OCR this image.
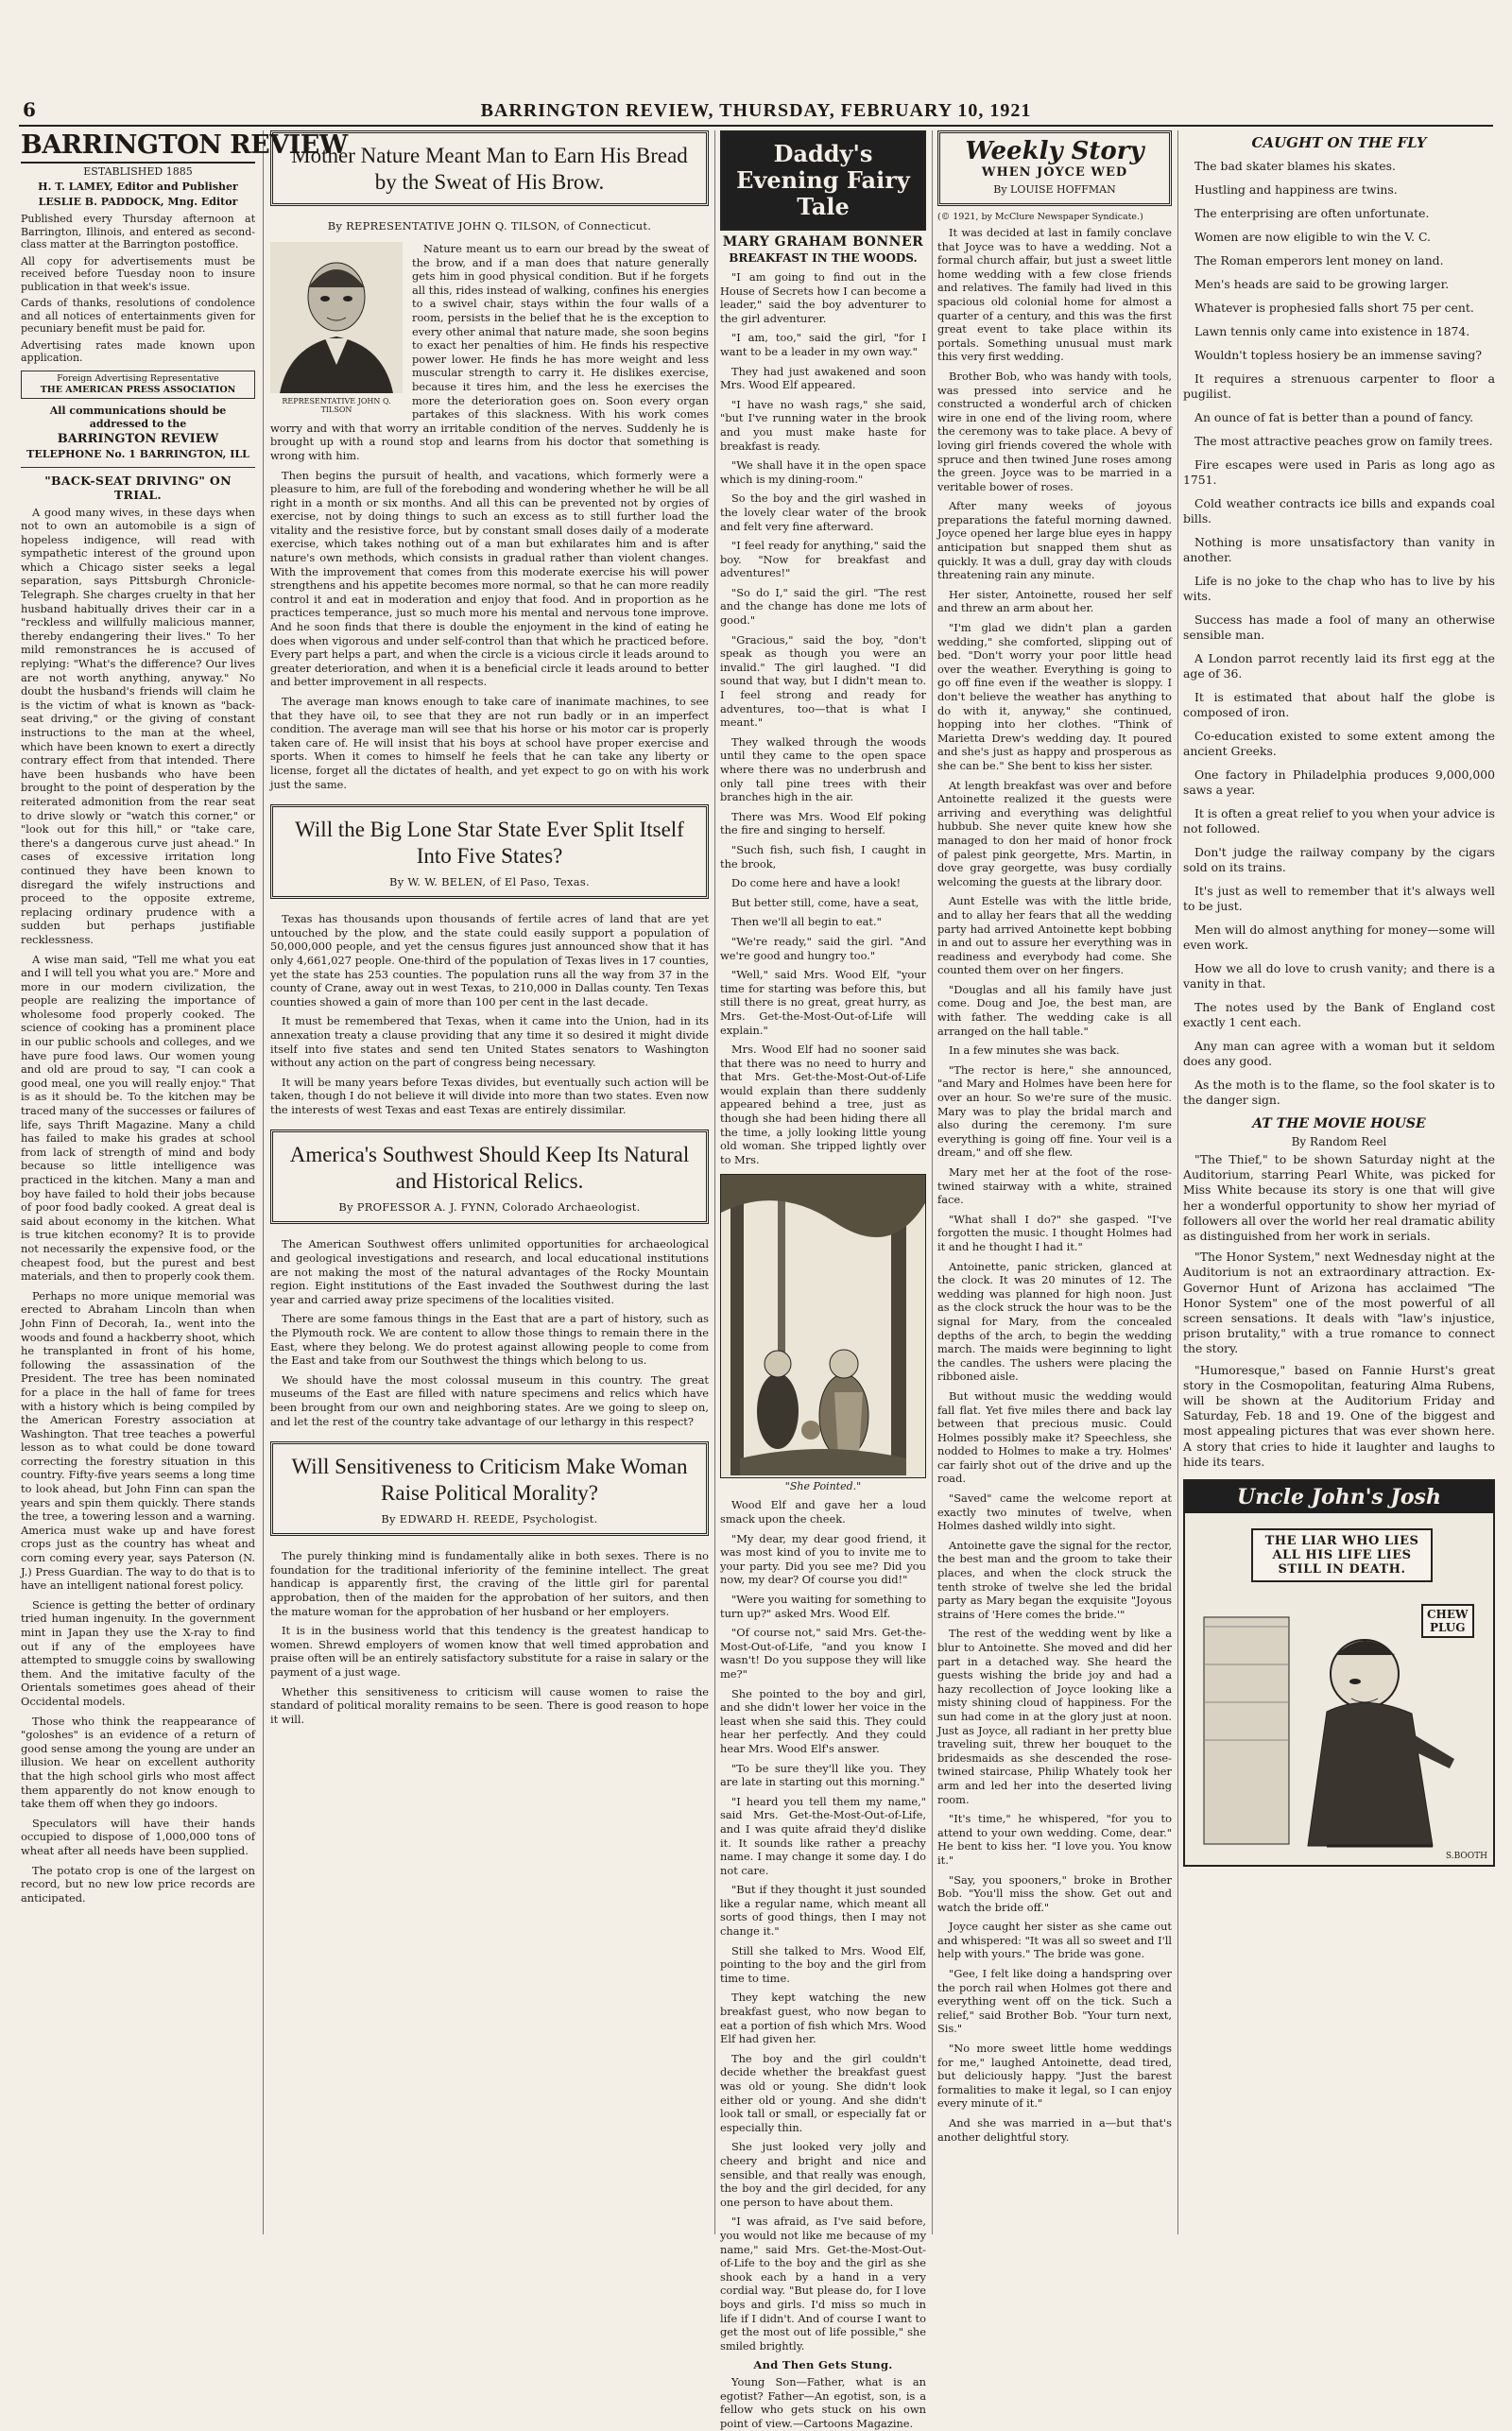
6	BARRINGTON REVIEW, THURSDAY, FEBRUARY 10, 1921
BARRINGTON REVIEW
ESTABLISHED 1885
H. T. LAMEY, Editor and Publisher
LESLIE B. PADDOCK, Mng. Editor
Published every Thursday afternoon at Barrington, Illinois, and entered as second-class matter at the Barrington postoffice.
All copy for advertisements must be received before Tuesday noon to insure publication in that week's issue.
Cards of thanks, resolutions of condolence and all notices of entertainments given for pecuniary benefit must be paid for.
Advertising rates made known upon application.
Foreign Advertising Representative
THE AMERICAN PRESS ASSOCIATION
All communications should be addressed to the
BARRINGTON REVIEW
TELEPHONE No. 1 BARRINGTON, ILL
"BACK-SEAT DRIVING" ON TRIAL.

A good many wives, in these days when not to own an automobile is a sign of hopeless indigence, will read with sympathetic interest of the ground upon which a Chicago sister seeks a legal separation, says Pittsburgh Chronicle-Telegraph. She charges cruelty in that her husband habitually drives their car in a "reckless and willfully malicious manner, thereby endangering their lives." To her mild remonstrances he is accused of replying: "What's the difference? Our lives are not worth anything, anyway." No doubt the husband's friends will claim he is the victim of what is known as "back-seat driving," or the giving of constant instructions to the man at the wheel, which have been known to exert a directly contrary effect from that intended. There have been husbands who have been brought to the point of desperation by the reiterated admonition from the rear seat to drive slowly or "watch this corner," or "look out for this hill," or "take care, there's a dangerous curve just ahead." In cases of excessive irritation long continued they have been known to disregard the wifely instructions and proceed to the opposite extreme, replacing ordinary prudence with a sudden but perhaps justifiable recklessness.

A wise man said, "Tell me what you eat and I will tell you what you are." More and more in our modern civilization, the people are realizing the importance of wholesome food properly cooked. The science of cooking has a prominent place in our public schools and colleges, and we have pure food laws. Our women young and old are proud to say, "I can cook a good meal, one you will really enjoy." That is as it should be. To the kitchen may be traced many of the successes or failures of life, says Thrift Magazine. Many a child has failed to make his grades at school from lack of strength of mind and body because so little intelligence was practiced in the kitchen. Many a man and boy have failed to hold their jobs because of poor food badly cooked. A great deal is said about economy in the kitchen. What is true kitchen economy? It is to provide not necessarily the expensive food, or the cheapest food, but the purest and best materials, and then to properly cook them.

Perhaps no more unique memorial was erected to Abraham Lincoln than when John Finn of Decorah, Ia., went into the woods and found a hackberry shoot, which he transplanted in front of his home, following the assassination of the President. The tree has been nominated for a place in the hall of fame for trees with a history which is being compiled by the American Forestry association at Washington. That tree teaches a powerful lesson as to what could be done toward correcting the forestry situation in this country. Fifty-five years seems a long time to look ahead, but John Finn can span the years and spin them quickly. There stands the tree, a towering lesson and a warning. America must wake up and have forest crops just as the country has wheat and corn coming every year, says Paterson (N. J.) Press Guardian. The way to do that is to have an intelligent national forest policy.

Science is getting the better of ordinary tried human ingenuity. In the government mint in Japan they use the X-ray to find out if any of the employees have attempted to smuggle coins by swallowing them. And the imitative faculty of the Orientals sometimes goes ahead of their Occidental models.

Those who think the reappearance of "goloshes" is an evidence of a return of good sense among the young are under an illusion. We hear on excellent authority that the high school girls who most affect them apparently do not know enough to take them off when they go indoors.

Speculators will have their hands occupied to dispose of 1,000,000 tons of wheat after all needs have been supplied.

The potato crop is one of the largest on record, but no new low price records are anticipated.

Mother Nature Meant Man to Earn His Bread by the Sweat of His Brow.
By REPRESENTATIVE JOHN Q. TILSON, of Connecticut.
REPRESENTATIVE JOHN Q. TILSON

Nature meant us to earn our bread by the sweat of the brow, and if a man does that nature generally gets him in good physical condition. But if he forgets all this, rides instead of walking, confines his energies to a swivel chair, stays within the four walls of a room, persists in the belief that he is the exception to every other animal that nature made, she soon begins to exact her penalties of him. He finds his respective power lower. He finds he has more weight and less muscular strength to carry it. He dislikes exercise, because it tires him, and the less he exercises the more the deterioration goes on. Soon every organ partakes of this slackness. With his work comes worry and with that worry an irritable condition of the nerves. Suddenly he is brought up with a round stop and learns from his doctor that something is wrong with him.

Then begins the pursuit of health, and vacations, which formerly were a pleasure to him, are full of the foreboding and wondering whether he will be all right in a month or six months. And all this can be prevented not by orgies of exercise, not by doing things to such an excess as to still further load the vitality and the resistive force, but by constant small doses daily of a moderate exercise, which takes nothing out of a man but exhilarates him and is after nature's own methods, which consists in gradual rather than violent changes. With the improvement that comes from this moderate exercise his will power strengthens and his appetite becomes more normal, so that he can more readily control it and eat in moderation and enjoy that food. And in proportion as he practices temperance, just so much more his mental and nervous tone improve. And he soon finds that there is double the enjoyment in the kind of eating he does when vigorous and under self-control than that which he practiced before. Every part helps a part, and when the circle is a vicious circle it leads around to greater deterioration, and when it is a beneficial circle it leads around to better and better improvement in all respects.

The average man knows enough to take care of inanimate machines, to see that they have oil, to see that they are not run badly or in an imperfect condition. The average man will see that his horse or his motor car is properly taken care of. He will insist that his boys at school have proper exercise and sports. When it comes to himself he feels that he can take any liberty or license, forget all the dictates of health, and yet expect to go on with his work just the same.

Will the Big Lone Star State Ever Split Itself Into Five States?
By W. W. BELEN, of El Paso, Texas.

Texas has thousands upon thousands of fertile acres of land that are yet untouched by the plow, and the state could easily support a population of 50,000,000 people, and yet the census figures just announced show that it has only 4,661,027 people. One-third of the population of Texas lives in 17 counties, yet the state has 253 counties. The population runs all the way from 37 in the county of Crane, away out in west Texas, to 210,000 in Dallas county. Ten Texas counties showed a gain of more than 100 per cent in the last decade.

It must be remembered that Texas, when it came into the Union, had in its annexation treaty a clause providing that any time it so desired it might divide itself into five states and send ten United States senators to Washington without any action on the part of congress being necessary.

It will be many years before Texas divides, but eventually such action will be taken, though I do not believe it will divide into more than two states. Even now the interests of west Texas and east Texas are entirely dissimilar.

America's Southwest Should Keep Its Natural and Historical Relics.
By PROFESSOR A. J. FYNN, Colorado Archaeologist.

The American Southwest offers unlimited opportunities for archaeological and geological investigations and research, and local educational institutions are not making the most of the natural advantages of the Rocky Mountain region. Eight institutions of the East invaded the Southwest during the last year and carried away prize specimens of the localities visited.

There are some famous things in the East that are a part of history, such as the Plymouth rock. We are content to allow those things to remain there in the East, where they belong. We do protest against allowing people to come from the East and take from our Southwest the things which belong to us.

We should have the most colossal museum in this country. The great museums of the East are filled with nature specimens and relics which have been brought from our own and neighboring states. Are we going to sleep on, and let the rest of the country take advantage of our lethargy in this respect?

Will Sensitiveness to Criticism Make Woman Raise Political Morality?
By EDWARD H. REEDE, Psychologist.

The purely thinking mind is fundamentally alike in both sexes. There is no foundation for the traditional inferiority of the feminine intellect. The great handicap is apparently first, the craving of the little girl for parental approbation, then of the maiden for the approbation of her suitors, and then the mature woman for the approbation of her husband or her employers.

It is in the business world that this tendency is the greatest handicap to women. Shrewd employers of women know that well timed approbation and praise often will be an entirely satisfactory substitute for a raise in salary or the payment of a just wage.

Whether this sensitiveness to criticism will cause women to raise the standard of political morality remains to be seen. There is good reason to hope it will.

Daddy's Evening Fairy Tale
MARY GRAHAM BONNER
BREAKFAST IN THE WOODS.

"I am going to find out in the House of Secrets how I can become a leader," said the boy adventurer to the girl adventurer.

"I am, too," said the girl, "for I want to be a leader in my own way."

They had just awakened and soon Mrs. Wood Elf appeared.

"I have no wash rags," she said, "but I've running water in the brook and you must make haste for breakfast is ready.

"We shall have it in the open space which is my dining-room."

So the boy and the girl washed in the lovely clear water of the brook and felt very fine afterward.

"I feel ready for anything," said the boy. "Now for breakfast and adventures!"

"So do I," said the girl. "The rest and the change has done me lots of good."

"Gracious," said the boy, "don't speak as though you were an invalid." The girl laughed. "I did sound that way, but I didn't mean to. I feel strong and ready for adventures, too—that is what I meant."

They walked through the woods until they came to the open space where there was no underbrush and only tall pine trees with their branches high in the air.

There was Mrs. Wood Elf poking the fire and singing to herself.

"Such fish, such fish, I caught in the brook,

Do come here and have a look!

But better still, come, have a seat,

Then we'll all begin to eat."

"We're ready," said the girl. "And we're good and hungry too."

"Well," said Mrs. Wood Elf, "your time for starting was before this, but still there is no great, great hurry, as Mrs. Get-the-Most-Out-of-Life will explain."

Mrs. Wood Elf had no sooner said that there was no need to hurry and that Mrs. Get-the-Most-Out-of-Life would explain than there suddenly appeared behind a tree, just as though she had been hiding there all the time, a jolly looking little young old woman. She tripped lightly over to Mrs.

"She Pointed."

Wood Elf and gave her a loud smack upon the cheek.

"My dear, my dear good friend, it was most kind of you to invite me to your party. Did you see me? Did you now, my dear? Of course you did!"

"Were you waiting for something to turn up?" asked Mrs. Wood Elf.

"Of course not," said Mrs. Get-the-Most-Out-of-Life, "and you know I wasn't! Do you suppose they will like me?"

She pointed to the boy and girl, and she didn't lower her voice in the least when she said this. They could hear her perfectly. And they could hear Mrs. Wood Elf's answer.

"To be sure they'll like you. They are late in starting out this morning."

"I heard you tell them my name," said Mrs. Get-the-Most-Out-of-Life, and I was quite afraid they'd dislike it. It sounds like rather a preachy name. I may change it some day. I do not care.

"But if they thought it just sounded like a regular name, which meant all sorts of good things, then I may not change it."

Still she talked to Mrs. Wood Elf, pointing to the boy and the girl from time to time.

They kept watching the new breakfast guest, who now began to eat a portion of fish which Mrs. Wood Elf had given her.

The boy and the girl couldn't decide whether the breakfast guest was old or young. She didn't look either old or young. And she didn't look tall or small, or especially fat or especially thin.

She just looked very jolly and cheery and bright and nice and sensible, and that really was enough, the boy and the girl decided, for any one person to have about them.

"I was afraid, as I've said before, you would not like me because of my name," said Mrs. Get-the-Most-Out-of-Life to the boy and the girl as she shook each by a hand in a very cordial way. "But please do, for I love boys and girls. I'd miss so much in life if I didn't. And of course I want to get the most out of life possible," she smiled brightly.

And Then Gets Stung.

Young Son—Father, what is an egotist? Father—An egotist, son, is a fellow who gets stuck on his own point of view.—Cartoons Magazine.

Weekly Story
WHEN JOYCE WED
By LOUISE HOFFMAN
(© 1921, by McClure Newspaper Syndicate.)

It was decided at last in family conclave that Joyce was to have a wedding. Not a formal church affair, but just a sweet little home wedding with a few close friends and relatives. The family had lived in this spacious old colonial home for almost a quarter of a century, and this was the first great event to take place within its portals. Something unusual must mark this very first wedding.

Brother Bob, who was handy with tools, was pressed into service and he constructed a wonderful arch of chicken wire in one end of the living room, where the ceremony was to take place. A bevy of loving girl friends covered the whole with spruce and then twined June roses among the green. Joyce was to be married in a veritable bower of roses.

After many weeks of joyous preparations the fateful morning dawned. Joyce opened her large blue eyes in happy anticipation but snapped them shut as quickly. It was a dull, gray day with clouds threatening rain any minute.

Her sister, Antoinette, roused her self and threw an arm about her.

"I'm glad we didn't plan a garden wedding," she comforted, slipping out of bed. "Don't worry your poor little head over the weather. Everything is going to go off fine even if the weather is sloppy. I don't believe the weather has anything to do with it, anyway," she continued, hopping into her clothes. "Think of Marietta Drew's wedding day. It poured and she's just as happy and prosperous as she can be." She bent to kiss her sister.

At length breakfast was over and before Antoinette realized it the guests were arriving and everything was delightful hubbub. She never quite knew how she managed to don her maid of honor frock of palest pink georgette, Mrs. Martin, in dove gray georgette, was busy cordially welcoming the guests at the library door.

Aunt Estelle was with the little bride, and to allay her fears that all the wedding party had arrived Antoinette kept bobbing in and out to assure her everything was in readiness and everybody had come. She counted them over on her fingers.

"Douglas and all his family have just come. Doug and Joe, the best man, are with father. The wedding cake is all arranged on the hall table."

In a few minutes she was back.

"The rector is here," she announced, "and Mary and Holmes have been here for over an hour. So we're sure of the music. Mary was to play the bridal march and also during the ceremony. I'm sure everything is going off fine. Your veil is a dream," and off she flew.

Mary met her at the foot of the rose-twined stairway with a white, strained face.

"What shall I do?" she gasped. "I've forgotten the music. I thought Holmes had it and he thought I had it."

Antoinette, panic stricken, glanced at the clock. It was 20 minutes of 12. The wedding was planned for high noon. Just as the clock struck the hour was to be the signal for Mary, from the concealed depths of the arch, to begin the wedding march. The maids were beginning to light the candles. The ushers were placing the ribboned aisle.

But without music the wedding would fall flat. Yet five miles there and back lay between that precious music. Could Holmes possibly make it? Speechless, she nodded to Holmes to make a try. Holmes' car fairly shot out of the drive and up the road.

"Saved" came the welcome report at exactly two minutes of twelve, when Holmes dashed wildly into sight.

Antoinette gave the signal for the rector, the best man and the groom to take their places, and when the clock struck the tenth stroke of twelve she led the bridal party as Mary began the exquisite "Joyous strains of 'Here comes the bride.'"

The rest of the wedding went by like a blur to Antoinette. She moved and did her part in a detached way. She heard the guests wishing the bride joy and had a hazy recollection of Joyce looking like a misty shining cloud of happiness. For the sun had come in at the glory just at noon. Just as Joyce, all radiant in her pretty blue traveling suit, threw her bouquet to the bridesmaids as she descended the rose-twined staircase, Philip Whately took her arm and led her into the deserted living room.

"It's time," he whispered, "for you to attend to your own wedding. Come, dear." He bent to kiss her. "I love you. You know it."

"Say, you spooners," broke in Brother Bob. "You'll miss the show. Get out and watch the bride off."

Joyce caught her sister as she came out and whispered: "It was all so sweet and I'll help with yours." The bride was gone.

"Gee, I felt like doing a handspring over the porch rail when Holmes got there and everything went off on the tick. Such a relief," said Brother Bob. "Your turn next, Sis."

"No more sweet little home weddings for me," laughed Antoinette, dead tired, but deliciously happy. "Just the barest formalities to make it legal, so I can enjoy every minute of it."

And she was married in a—but that's another delightful story.

CAUGHT ON THE FLY
The bad skater blames his skates.
Hustling and happiness are twins.
The enterprising are often unfortunate.
Women are now eligible to win the V. C.
The Roman emperors lent money on land.
Men's heads are said to be growing larger.
Whatever is prophesied falls short 75 per cent.
Lawn tennis only came into existence in 1874.
Wouldn't topless hosiery be an immense saving?
It requires a strenuous carpenter to floor a pugilist.
An ounce of fat is better than a pound of fancy.
The most attractive peaches grow on family trees.
Fire escapes were used in Paris as long ago as 1751.
Cold weather contracts ice bills and expands coal bills.
Nothing is more unsatisfactory than vanity in another.
Life is no joke to the chap who has to live by his wits.
Success has made a fool of many an otherwise sensible man.
A London parrot recently laid its first egg at the age of 36.
It is estimated that about half the globe is composed of iron.
Co-education existed to some extent among the ancient Greeks.
One factory in Philadelphia produces 9,000,000 saws a year.
It is often a great relief to you when your advice is not followed.
Don't judge the railway company by the cigars sold on its trains.
It's just as well to remember that it's always well to be just.
Men will do almost anything for money—some will even work.
How we all do love to crush vanity; and there is a vanity in that.
The notes used by the Bank of England cost exactly 1 cent each.
Any man can agree with a woman but it seldom does any good.
As the moth is to the flame, so the fool skater is to the danger sign.
AT THE MOVIE HOUSE
By Random Reel

"The Thief," to be shown Saturday night at the Auditorium, starring Pearl White, was picked for Miss White because its story is one that will give her a wonderful opportunity to show her myriad of followers all over the world her real dramatic ability as distinguished from her work in serials.

"The Honor System," next Wednesday night at the Auditorium is not an extraordinary attraction. Ex-Governor Hunt of Arizona has acclaimed "The Honor System" one of the most powerful of all screen sensations. It deals with "law's injustice, prison brutality," with a true romance to connect the story.

"Humoresque," based on Fannie Hurst's great story in the Cosmopolitan, featuring Alma Rubens, will be shown at the Auditorium Friday and Saturday, Feb. 18 and 19. One of the biggest and most appealing pictures that was ever shown here. A story that cries to hide it laughter and laughs to hide its tears.

Uncle John's Josh
THE LIAR WHO LIES ALL HIS LIFE LIES STILL IN DEATH.
CHEW
PLUG
S.BOOTH
